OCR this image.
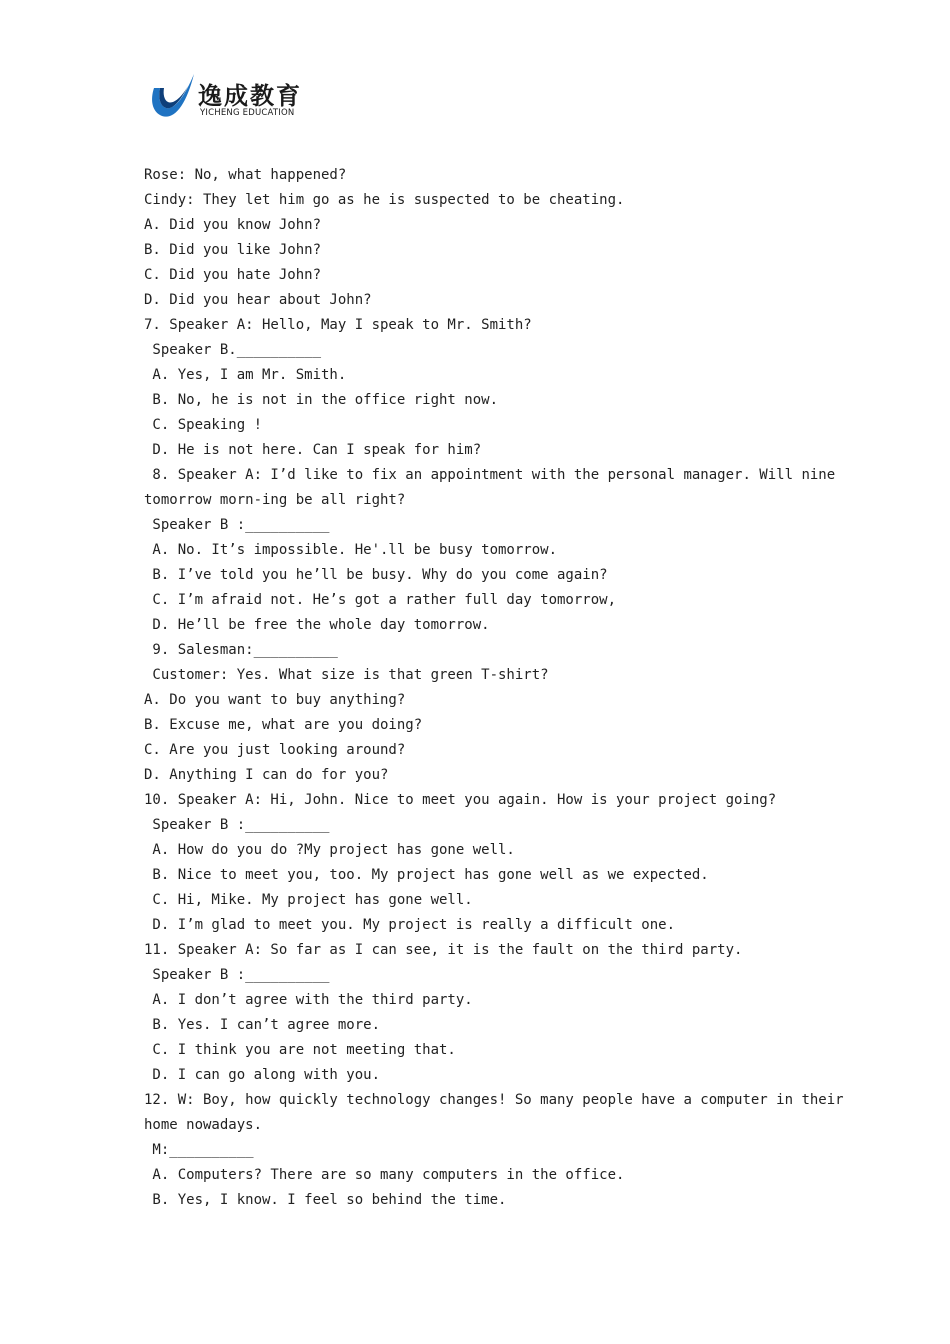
逸成教育
YICHENG EDUCATION
Rose: No, what happened?
Cindy: They let him go as he is suspected to be cheating.
A. Did you know John?
B. Did you like John?
C. Did you hate John?
D. Did you hear about John?
7. Speaker A: Hello, May I speak to Mr. Smith?
Speaker B.__________
A. Yes, I am Mr. Smith.
B. No, he is not in the office right now.
C. Speaking !
D. He is not here. Can I speak for him?
8. Speaker A: I’d like to fix an appointment with the personal manager. Will nine
tomorrow morn-ing be all right?
Speaker B :__________
A. No. It’s impossible. He'.ll be busy tomorrow.
B. I’ve told you he’ll be busy. Why do you come again?
C. I’m afraid not. He’s got a rather full day tomorrow,
D. He’ll be free the whole day tomorrow.
9. Salesman:__________
Customer: Yes. What size is that green T-shirt?
A. Do you want to buy anything?
B. Excuse me, what are you doing?
C. Are you just looking around?
D. Anything I can do for you?
10. Speaker A: Hi, John. Nice to meet you again. How is your project going?
Speaker B :__________
A. How do you do ?My project has gone well.
B. Nice to meet you, too. My project has gone well as we expected.
C. Hi, Mike. My project has gone well.
D. I’m glad to meet you. My project is really a difficult one.
11. Speaker A: So far as I can see, it is the fault on the third party.
Speaker B :__________
A. I don’t agree with the third party.
B. Yes. I can’t agree more.
C. I think you are not meeting that.
D. I can go along with you.
12. W: Boy, how quickly technology changes! So many people have a computer in their
home nowadays.
M:__________
A. Computers? There are so many computers in the office.
B. Yes, I know. I feel so behind the time.
